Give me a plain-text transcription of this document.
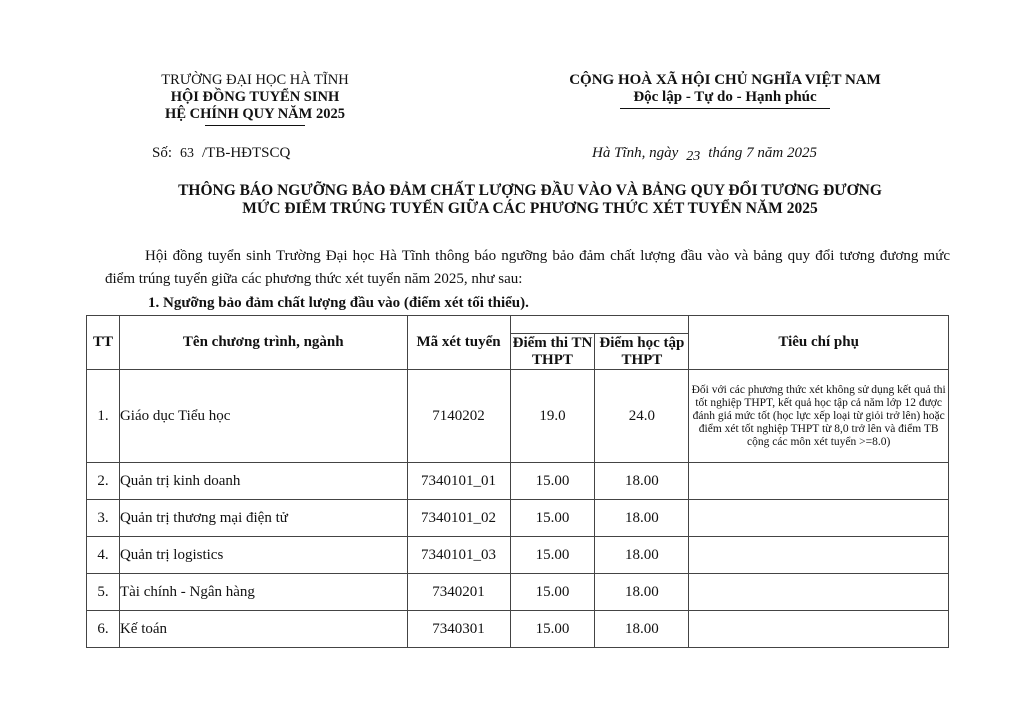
TRƯỜNG ĐẠI HỌC HÀ TĨNH
HỘI ĐỒNG TUYỂN SINH
HỆ CHÍNH QUY NĂM 2025
CỘNG HOÀ XÃ HỘI CHỦ NGHĨA VIỆT NAM
Độc lập - Tự do - Hạnh phúc
Số: 63 /TB-HĐTSCQ	Hà Tĩnh, ngày 23 tháng 7 năm 2025
THÔNG BÁO NGƯỠNG BẢO ĐẢM CHẤT LƯỢNG ĐẦU VÀO VÀ BẢNG QUY ĐỔI TƯƠNG ĐƯƠNG
MỨC ĐIỂM TRÚNG TUYỂN GIỮA CÁC PHƯƠNG THỨC XÉT TUYỂN NĂM 2025
Hội đồng tuyển sinh Trường Đại học Hà Tĩnh thông báo ngưỡng bảo đảm chất lượng đầu vào và bảng quy đổi tương đương mức điểm trúng tuyển giữa các phương thức xét tuyển năm 2025, như sau:
1. Ngưỡng bảo đảm chất lượng đầu vào (điểm xét tối thiểu).
TT	Tên chương trình, ngành	Mã xét tuyển			Tiêu chí phụ
			Điểm thi TN THPT	Điểm học tập THPT	
1.	Giáo dục Tiểu học	7140202	19.0	24.0	Đối với các phương thức xét không sử dụng kết quả thi tốt nghiệp THPT, kết quả học tập cả năm lớp 12 được đánh giá mức tốt (học lực xếp loại từ giỏi trở lên) hoặc điểm xét tốt nghiệp THPT từ 8,0 trở lên và điểm TB cộng các môn xét tuyển >=8.0)
2.	Quản trị kinh doanh	7340101_01	15.00	18.00	
3.	Quản trị thương mại điện tử	7340101_02	15.00	18.00	
4.	Quản trị logistics	7340101_03	15.00	18.00	
5.	Tài chính - Ngân hàng	7340201	15.00	18.00	
6.	Kế toán	7340301	15.00	18.00	
